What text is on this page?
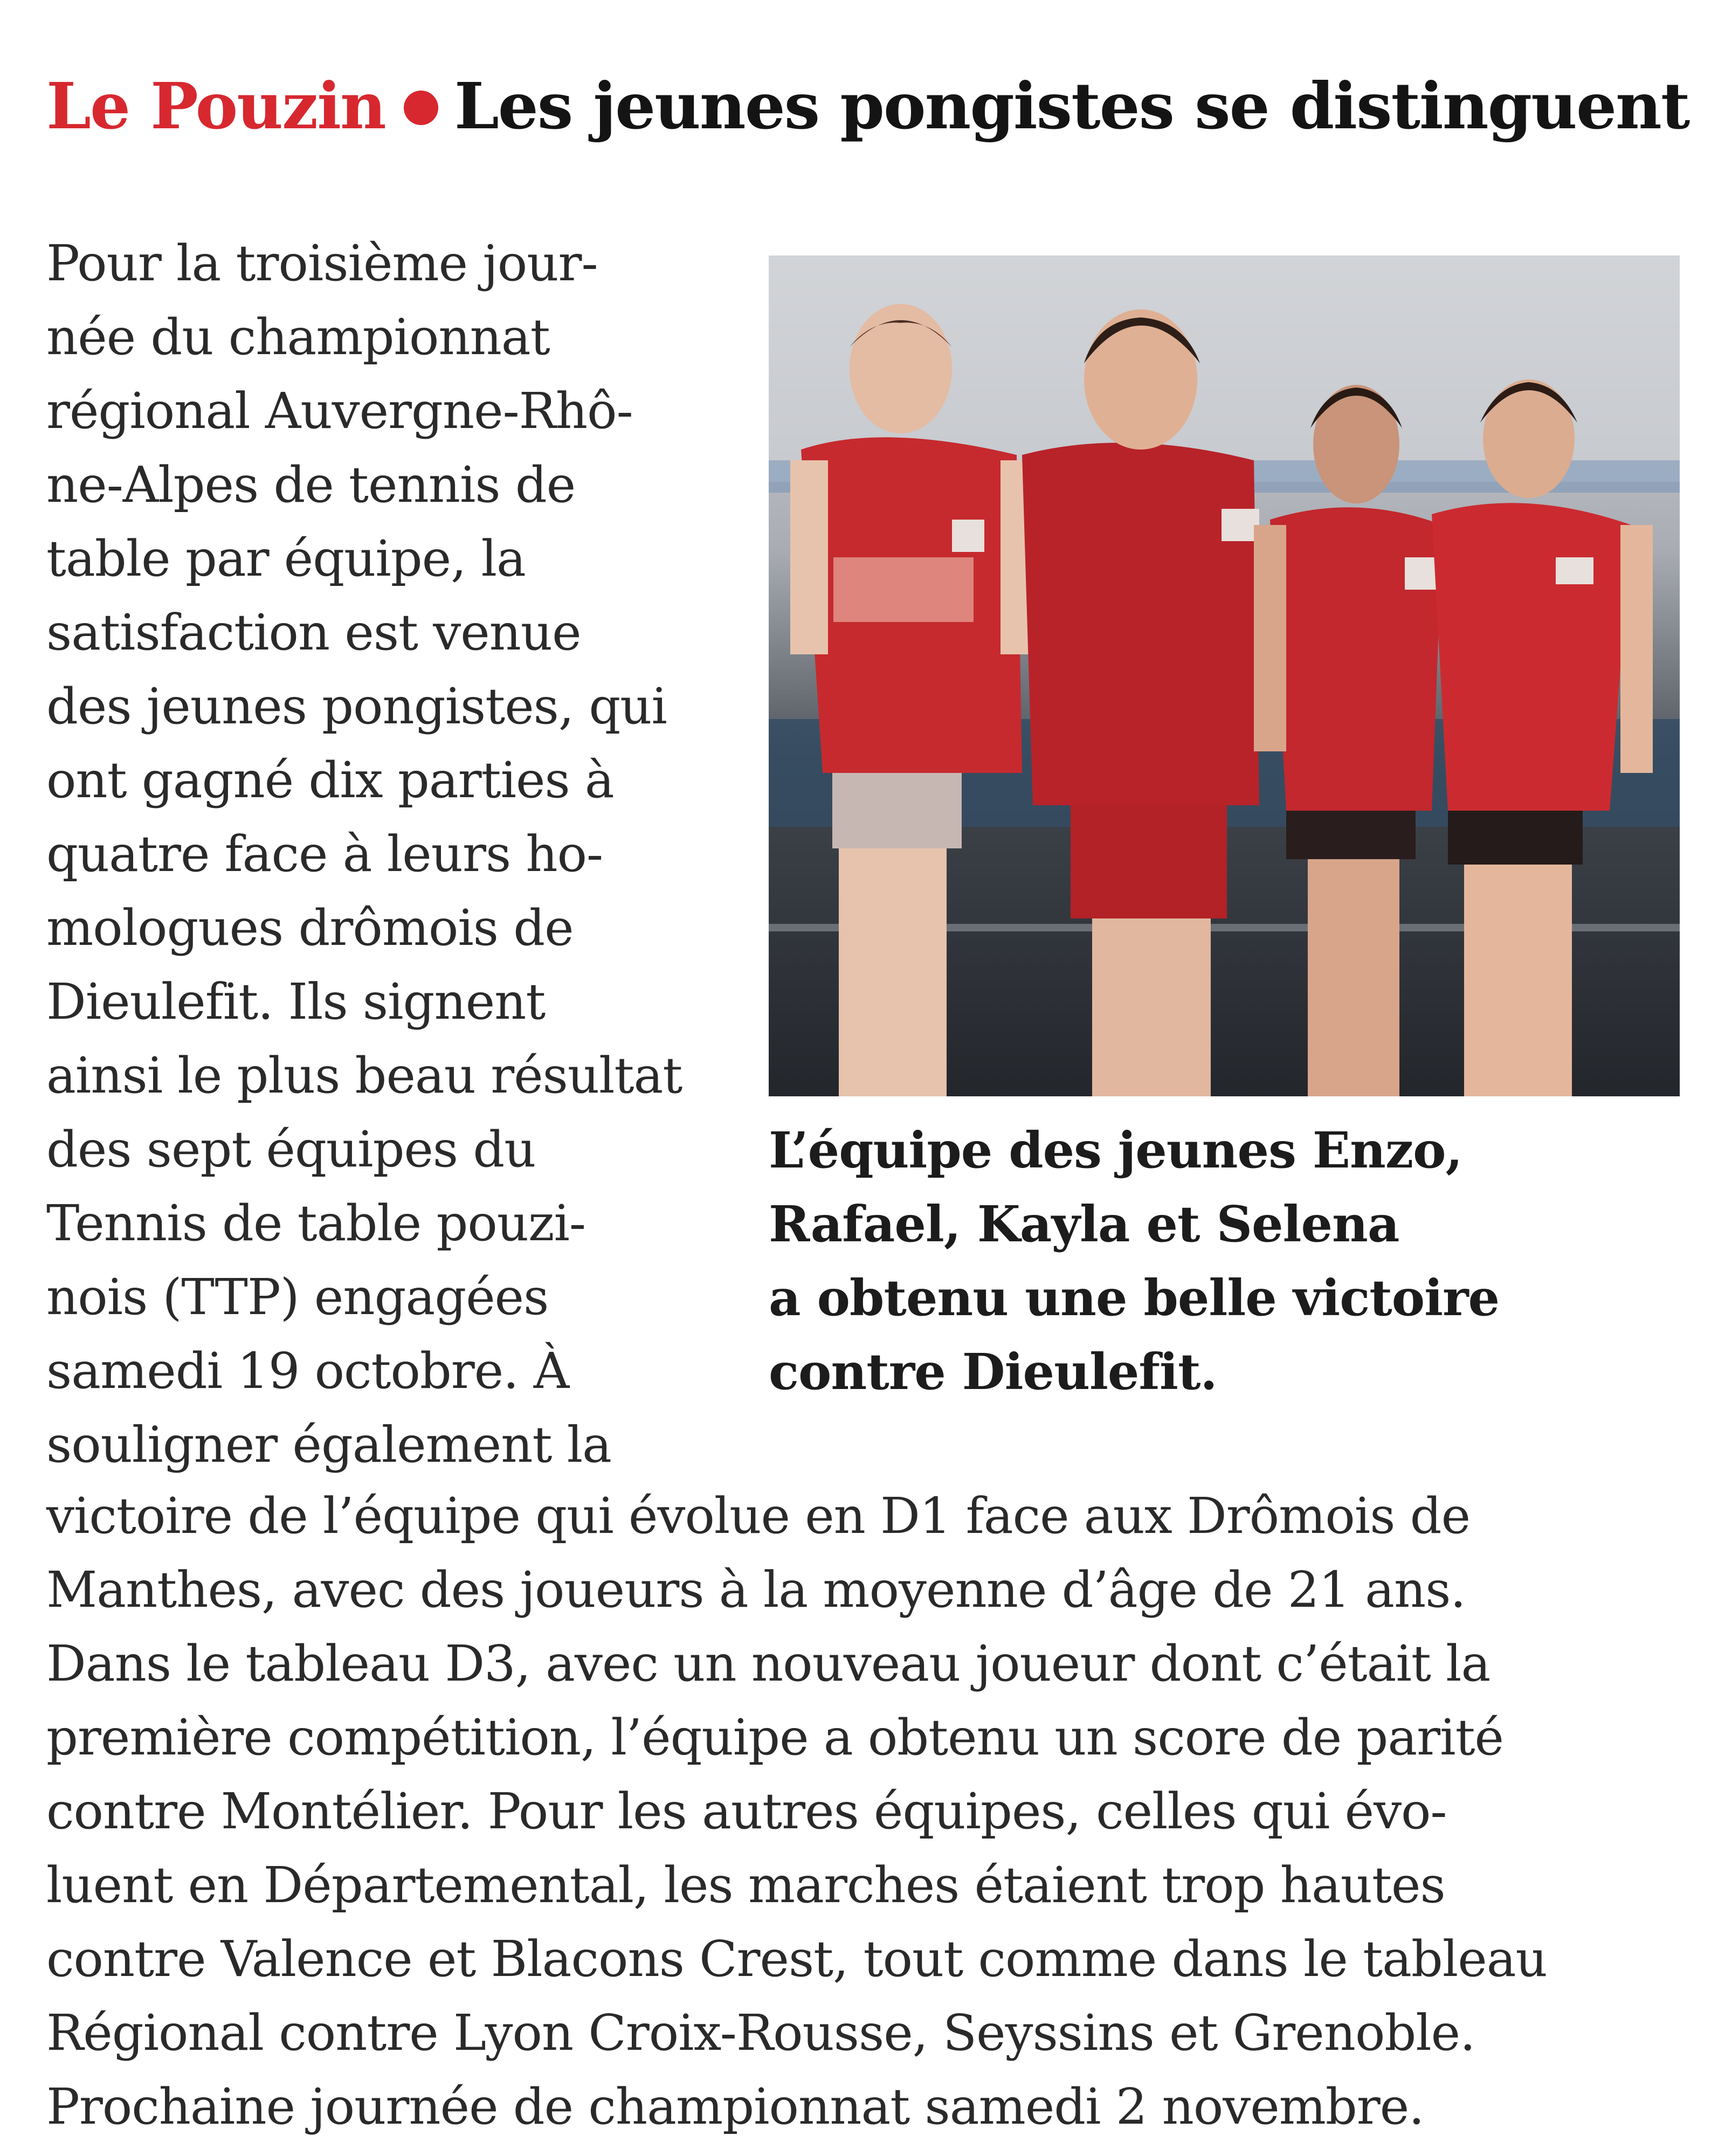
Le Pouzin Les jeunes pongistes se distinguent
Pour la troisième jour-
née du championnat
régional Auvergne-Rhô-
ne-Alpes de tennis de
table par équipe, la
satisfaction est venue
des jeunes pongistes, qui
ont gagné dix parties à
quatre face à leurs ho-
mologues drômois de
Dieulefit. Ils signent
ainsi le plus beau résultat
des sept équipes du
Tennis de table pouzi-
nois (TTP) engagées
samedi 19 octobre. À
souligner également la
L’équipe des jeunes Enzo,
Rafael, Kayla et Selena
a obtenu une belle victoire
contre Dieulefit.
victoire de l’équipe qui évolue en D1 face aux Drômois de
Manthes, avec des joueurs à la moyenne d’âge de 21 ans.
Dans le tableau D3, avec un nouveau joueur dont c’était la
première compétition, l’équipe a obtenu un score de parité
contre Montélier. Pour les autres équipes, celles qui évo-
luent en Départemental, les marches étaient trop hautes
contre Valence et Blacons Crest, tout comme dans le tableau
Régional contre Lyon Croix-Rousse, Seyssins et Grenoble.
Prochaine journée de championnat samedi 2 novembre.
